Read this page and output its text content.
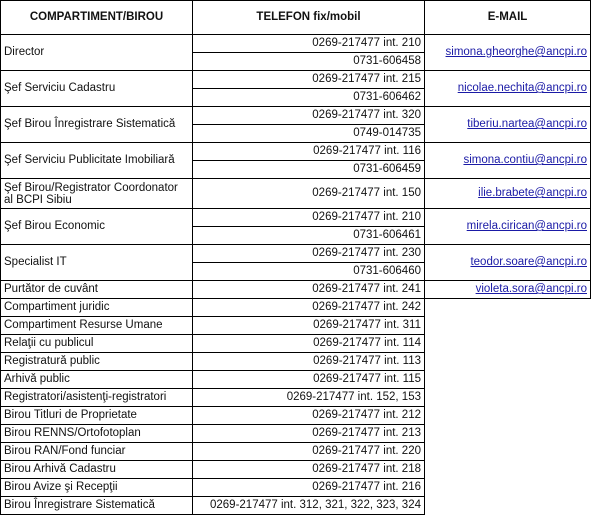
COMPARTIMENT/BIROU	TELEFON fix/mobil	E-MAIL
Director	0269-217477 int. 210	simona.gheorghe@ancpi.ro
	0731-606458	
Şef Serviciu Cadastru	0269-217477 int. 215	nicolae.nechita@ancpi.ro
	0731-606462	
Şef Birou Înregistrare Sistematică	0269-217477 int. 320	tiberiu.nartea@ancpi.ro
	0749-014735	
Şef Serviciu Publicitate Imobiliară	0269-217477 int. 116	simona.contiu@ancpi.ro
	0731-606459	
Şef Birou/Registrator Coordonator al BCPI Sibiu	0269-217477 int. 150	ilie.brabete@ancpi.ro
Şef Birou Economic	0269-217477 int. 210	mirela.cirican@ancpi.ro
	0731-606461	
Specialist IT	0269-217477 int. 230	teodor.soare@ancpi.ro
	0731-606460	
Purtător de cuvânt	0269-217477 int. 241	violeta.sora@ancpi.ro
Compartiment juridic	0269-217477 int. 242	
Compartiment Resurse Umane	0269-217477 int. 311	
Relaţii cu publicul	0269-217477 int. 114	
Registratură public	0269-217477 int. 113	
Arhivă public	0269-217477 int. 115	
Registratori/asistenţi-registratori	0269-217477 int. 152, 153	
Birou Titluri de Proprietate	0269-217477 int. 212	
Birou RENNS/Ortofotoplan	0269-217477 int. 213	
Birou RAN/Fond funciar	0269-217477 int. 220	
Birou Arhivă Cadastru	0269-217477 int. 218	
Birou Avize şi Recepţii	0269-217477 int. 216	
Birou Înregistrare Sistematică	0269-217477 int. 312, 321, 322, 323, 324	
